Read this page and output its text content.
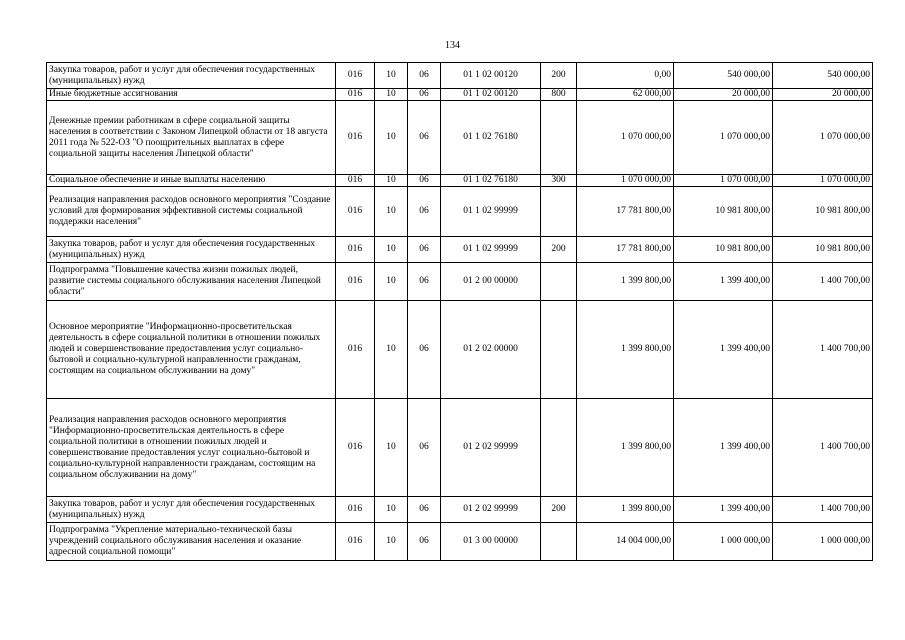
134
Закупка товаров, работ и услуг для обеспечения государственных (муниципальных) нужд	016	10	06	01 1 02 00120	200	0,00	540 000,00	540 000,00
Иные бюджетные ассигнования	016	10	06	01 1 02 00120	800	62 000,00	20 000,00	20 000,00
Денежные премии работникам в сфере социальной защиты населения в соответствии с Законом Липецкой области от 18 августа 2011 года № 522-ОЗ "О поощрительных выплатах в сфере социальной защиты населения Липецкой области"	016	10	06	01 1 02 76180		1 070 000,00	1 070 000,00	1 070 000,00
Социальное обеспечение и иные выплаты населению	016	10	06	01 1 02 76180	300	1 070 000,00	1 070 000,00	1 070 000,00
Реализация направления расходов основного мероприятия "Создание условий для формирования эффективной системы социальной поддержки населения"	016	10	06	01 1 02 99999		17 781 800,00	10 981 800,00	10 981 800,00
Закупка товаров, работ и услуг для обеспечения государственных (муниципальных) нужд	016	10	06	01 1 02 99999	200	17 781 800,00	10 981 800,00	10 981 800,00
Подпрограмма "Повышение качества жизни пожилых людей, развитие системы социального обслуживания населения Липецкой области"	016	10	06	01 2 00 00000		1 399 800,00	1 399 400,00	1 400 700,00
Основное мероприятие "Информационно-просветительская деятельность в сфере социальной политики в отношении пожилых людей и совершенствование предоставления услуг социально-бытовой и социально-культурной направленности гражданам, состоящим на социальном обслуживании на дому"	016	10	06	01 2 02 00000		1 399 800,00	1 399 400,00	1 400 700,00
Реализация направления расходов основного мероприятия "Информационно-просветительская деятельность в сфере социальной политики в отношении пожилых людей и совершенствование предоставления услуг социально-бытовой и социально-культурной направленности гражданам, состоящим на социальном обслуживании на дому"	016	10	06	01 2 02 99999		1 399 800,00	1 399 400,00	1 400 700,00
Закупка товаров, работ и услуг для обеспечения государственных (муниципальных) нужд	016	10	06	01 2 02 99999	200	1 399 800,00	1 399 400,00	1 400 700,00
Подпрограмма "Укрепление материально-технической базы учреждений социального обслуживания населения и оказание адресной социальной помощи"	016	10	06	01 3 00 00000		14 004 000,00	1 000 000,00	1 000 000,00
